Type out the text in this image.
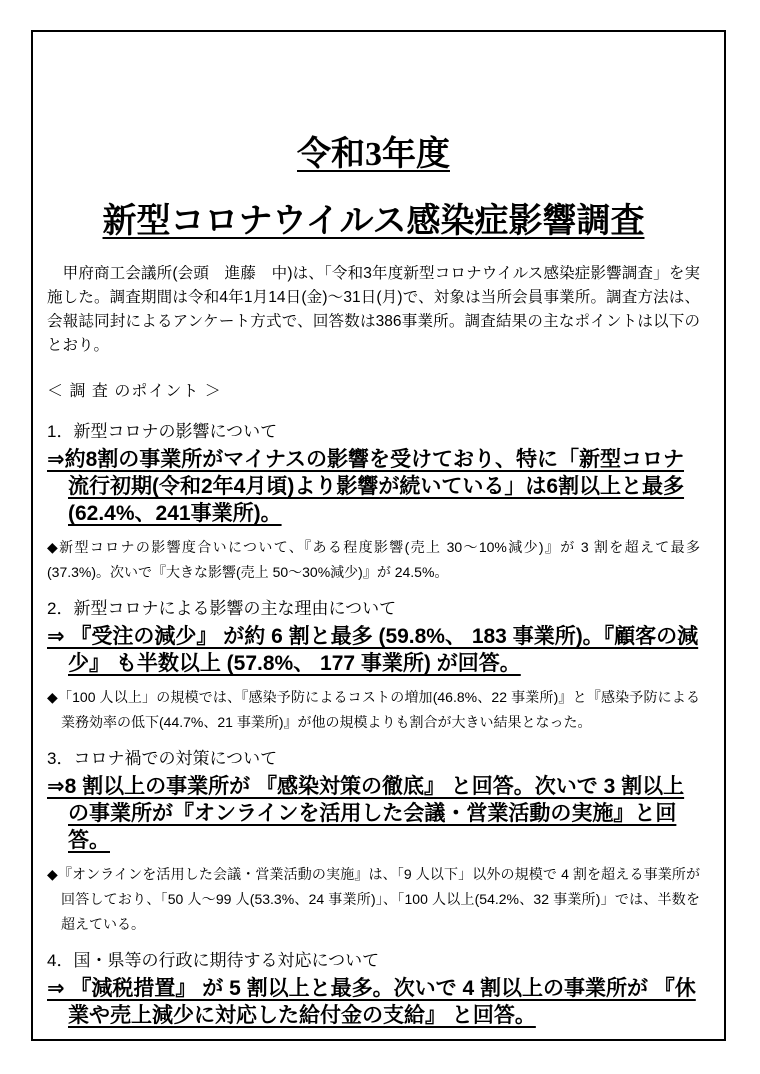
令和3年度
新型コロナウイルス感染症影響調査

　甲府商工会議所(会頭　進藤　中)は、「令和3年度新型コロナウイルス感染症影響調査」を実施した。調査期間は令和4年1月14日(金)～31日(月)で、対象は当所会員事業所。調査方法は、会報誌同封によるアンケート方式で、回答数は386事業所。調査結果の主なポイントは以下のとおり。

＜ 調 査 のポイント ＞

1．新型コロナの影響について

⇒約8割の事業所がマイナスの影響を受けており、特に「新型コロナ流行初期(令和2年4月頃)より影響が続いている」は6割以上と最多(62.4%、241事業所)。

◆新型コロナの影響度合いについて、『ある程度影響(売上 30～10%減少)』が 3 割を超えて最多(37.3%)。次いで『大きな影響(売上 50～30%減少)』が 24.5%。

2．新型コロナによる影響の主な理由について

⇒ 『受注の減少』 が約 6 割と最多 (59.8%、 183 事業所)。『顧客の減少』 も半数以上 (57.8%、 177 事業所) が回答。

◆「100 人以上」の規模では、『感染予防によるコストの増加(46.8%、22 事業所)』と『感染予防による業務効率の低下(44.7%、21 事業所)』が他の規模よりも割合が大きい結果となった。

3．コロナ禍での対策について

⇒8 割以上の事業所が 『感染対策の徹底』 と回答。次いで 3 割以上の事業所が『オンラインを活用した会議・営業活動の実施』と回答。

◆『オンラインを活用した会議・営業活動の実施』は、「9 人以下」以外の規模で 4 割を超える事業所が回答しており、「50 人～99 人(53.3%、24 事業所)」、「100 人以上(54.2%、32 事業所)」では、半数を超えている。

4．国・県等の行政に期待する対応について

⇒ 『減税措置』 が 5 割以上と最多。次いで 4 割以上の事業所が 『休業や売上減少に対応した給付金の支給』 と回答。
